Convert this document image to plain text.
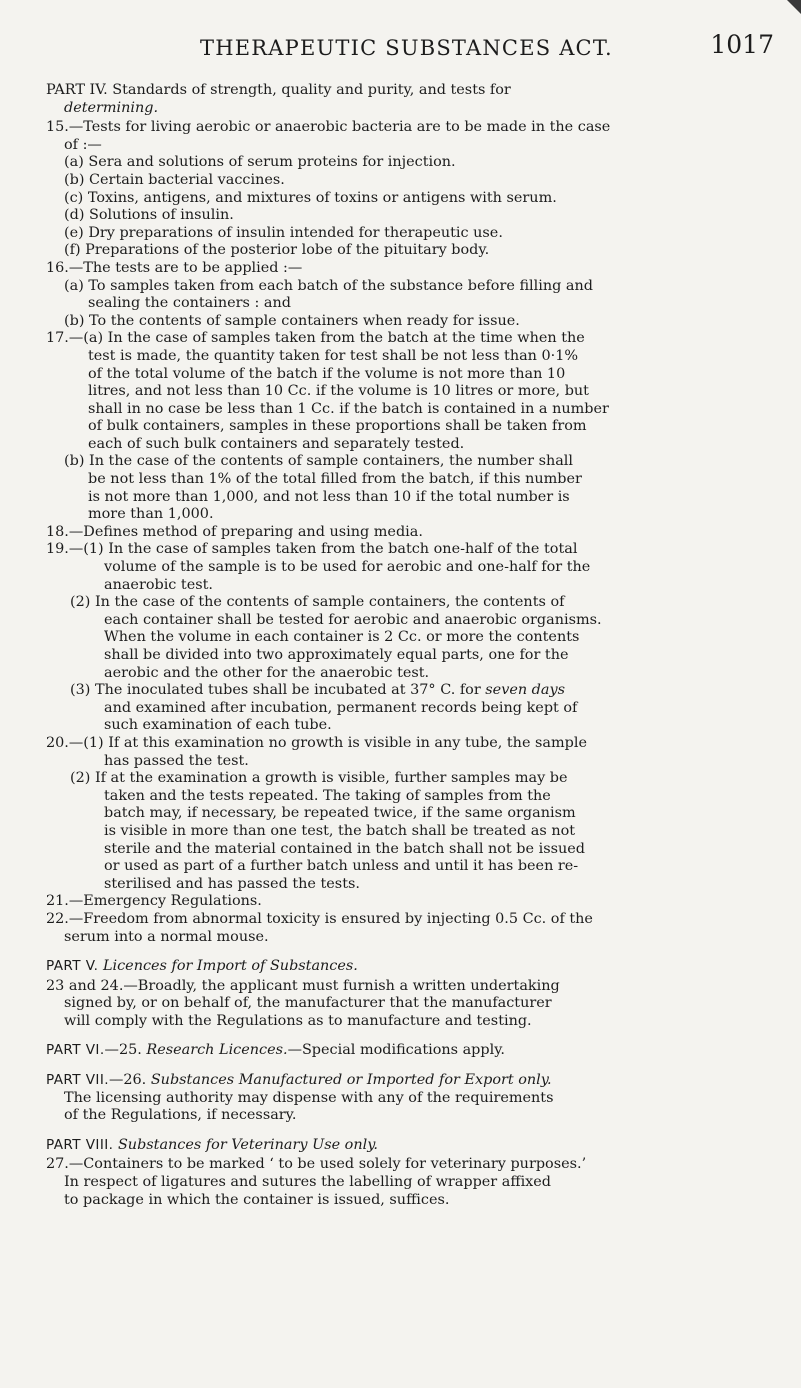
THERAPEUTIC SUBSTANCES ACT.	1017

PART IV. Standards of strength, quality and purity, and tests for

determining.

15.—Tests for living aerobic or anaerobic bacteria are to be made in the case

of :—

(a) Sera and solutions of serum proteins for injection.

(b) Certain bacterial vaccines.

(c) Toxins, antigens, and mixtures of toxins or antigens with serum.

(d) Solutions of insulin.

(e) Dry preparations of insulin intended for therapeutic use.

(f) Preparations of the posterior lobe of the pituitary body.

16.—The tests are to be applied :—

(a) To samples taken from each batch of the substance before filling and

sealing the containers : and

(b) To the contents of sample containers when ready for issue.

17.—(a) In the case of samples taken from the batch at the time when the

test is made, the quantity taken for test shall be not less than 0·1%

of the total volume of the batch if the volume is not more than 10

litres, and not less than 10 Cc. if the volume is 10 litres or more, but

shall in no case be less than 1 Cc. if the batch is contained in a number

of bulk containers, samples in these proportions shall be taken from

each of such bulk containers and separately tested.

(b) In the case of the contents of sample containers, the number shall

be not less than 1% of the total filled from the batch, if this number

is not more than 1,000, and not less than 10 if the total number is

more than 1,000.

18.—Defines method of preparing and using media.

19.—(1) In the case of samples taken from the batch one-half of the total

volume of the sample is to be used for aerobic and one-half for the

anaerobic test.

(2) In the case of the contents of sample containers, the contents of

each container shall be tested for aerobic and anaerobic organisms.

When the volume in each container is 2 Cc. or more the contents

shall be divided into two approximately equal parts, one for the

aerobic and the other for the anaerobic test.

(3) The inoculated tubes shall be incubated at 37° C. for seven days

and examined after incubation, permanent records being kept of

such examination of each tube.

20.—(1) If at this examination no growth is visible in any tube, the sample

has passed the test.

(2) If at the examination a growth is visible, further samples may be

taken and the tests repeated. The taking of samples from the

batch may, if necessary, be repeated twice, if the same organism

is visible in more than one test, the batch shall be treated as not

sterile and the material contained in the batch shall not be issued

or used as part of a further batch unless and until it has been re-

sterilised and has passed the tests.

21.—Emergency Regulations.

22.—Freedom from abnormal toxicity is ensured by injecting 0.5 Cc. of the

serum into a normal mouse.

PART V. Licences for Import of Substances.

23 and 24.—Broadly, the applicant must furnish a written undertaking

signed by, or on behalf of, the manufacturer that the manufacturer

will comply with the Regulations as to manufacture and testing.

PART VI.—25. Research Licences.—Special modifications apply.

PART VII.—26. Substances Manufactured or Imported for Export only.

The licensing authority may dispense with any of the requirements

of the Regulations, if necessary.

PART VIII. Substances for Veterinary Use only.

27.—Containers to be marked ‘ to be used solely for veterinary purposes.’

In respect of ligatures and sutures the labelling of wrapper affixed

to package in which the container is issued, suffices.
